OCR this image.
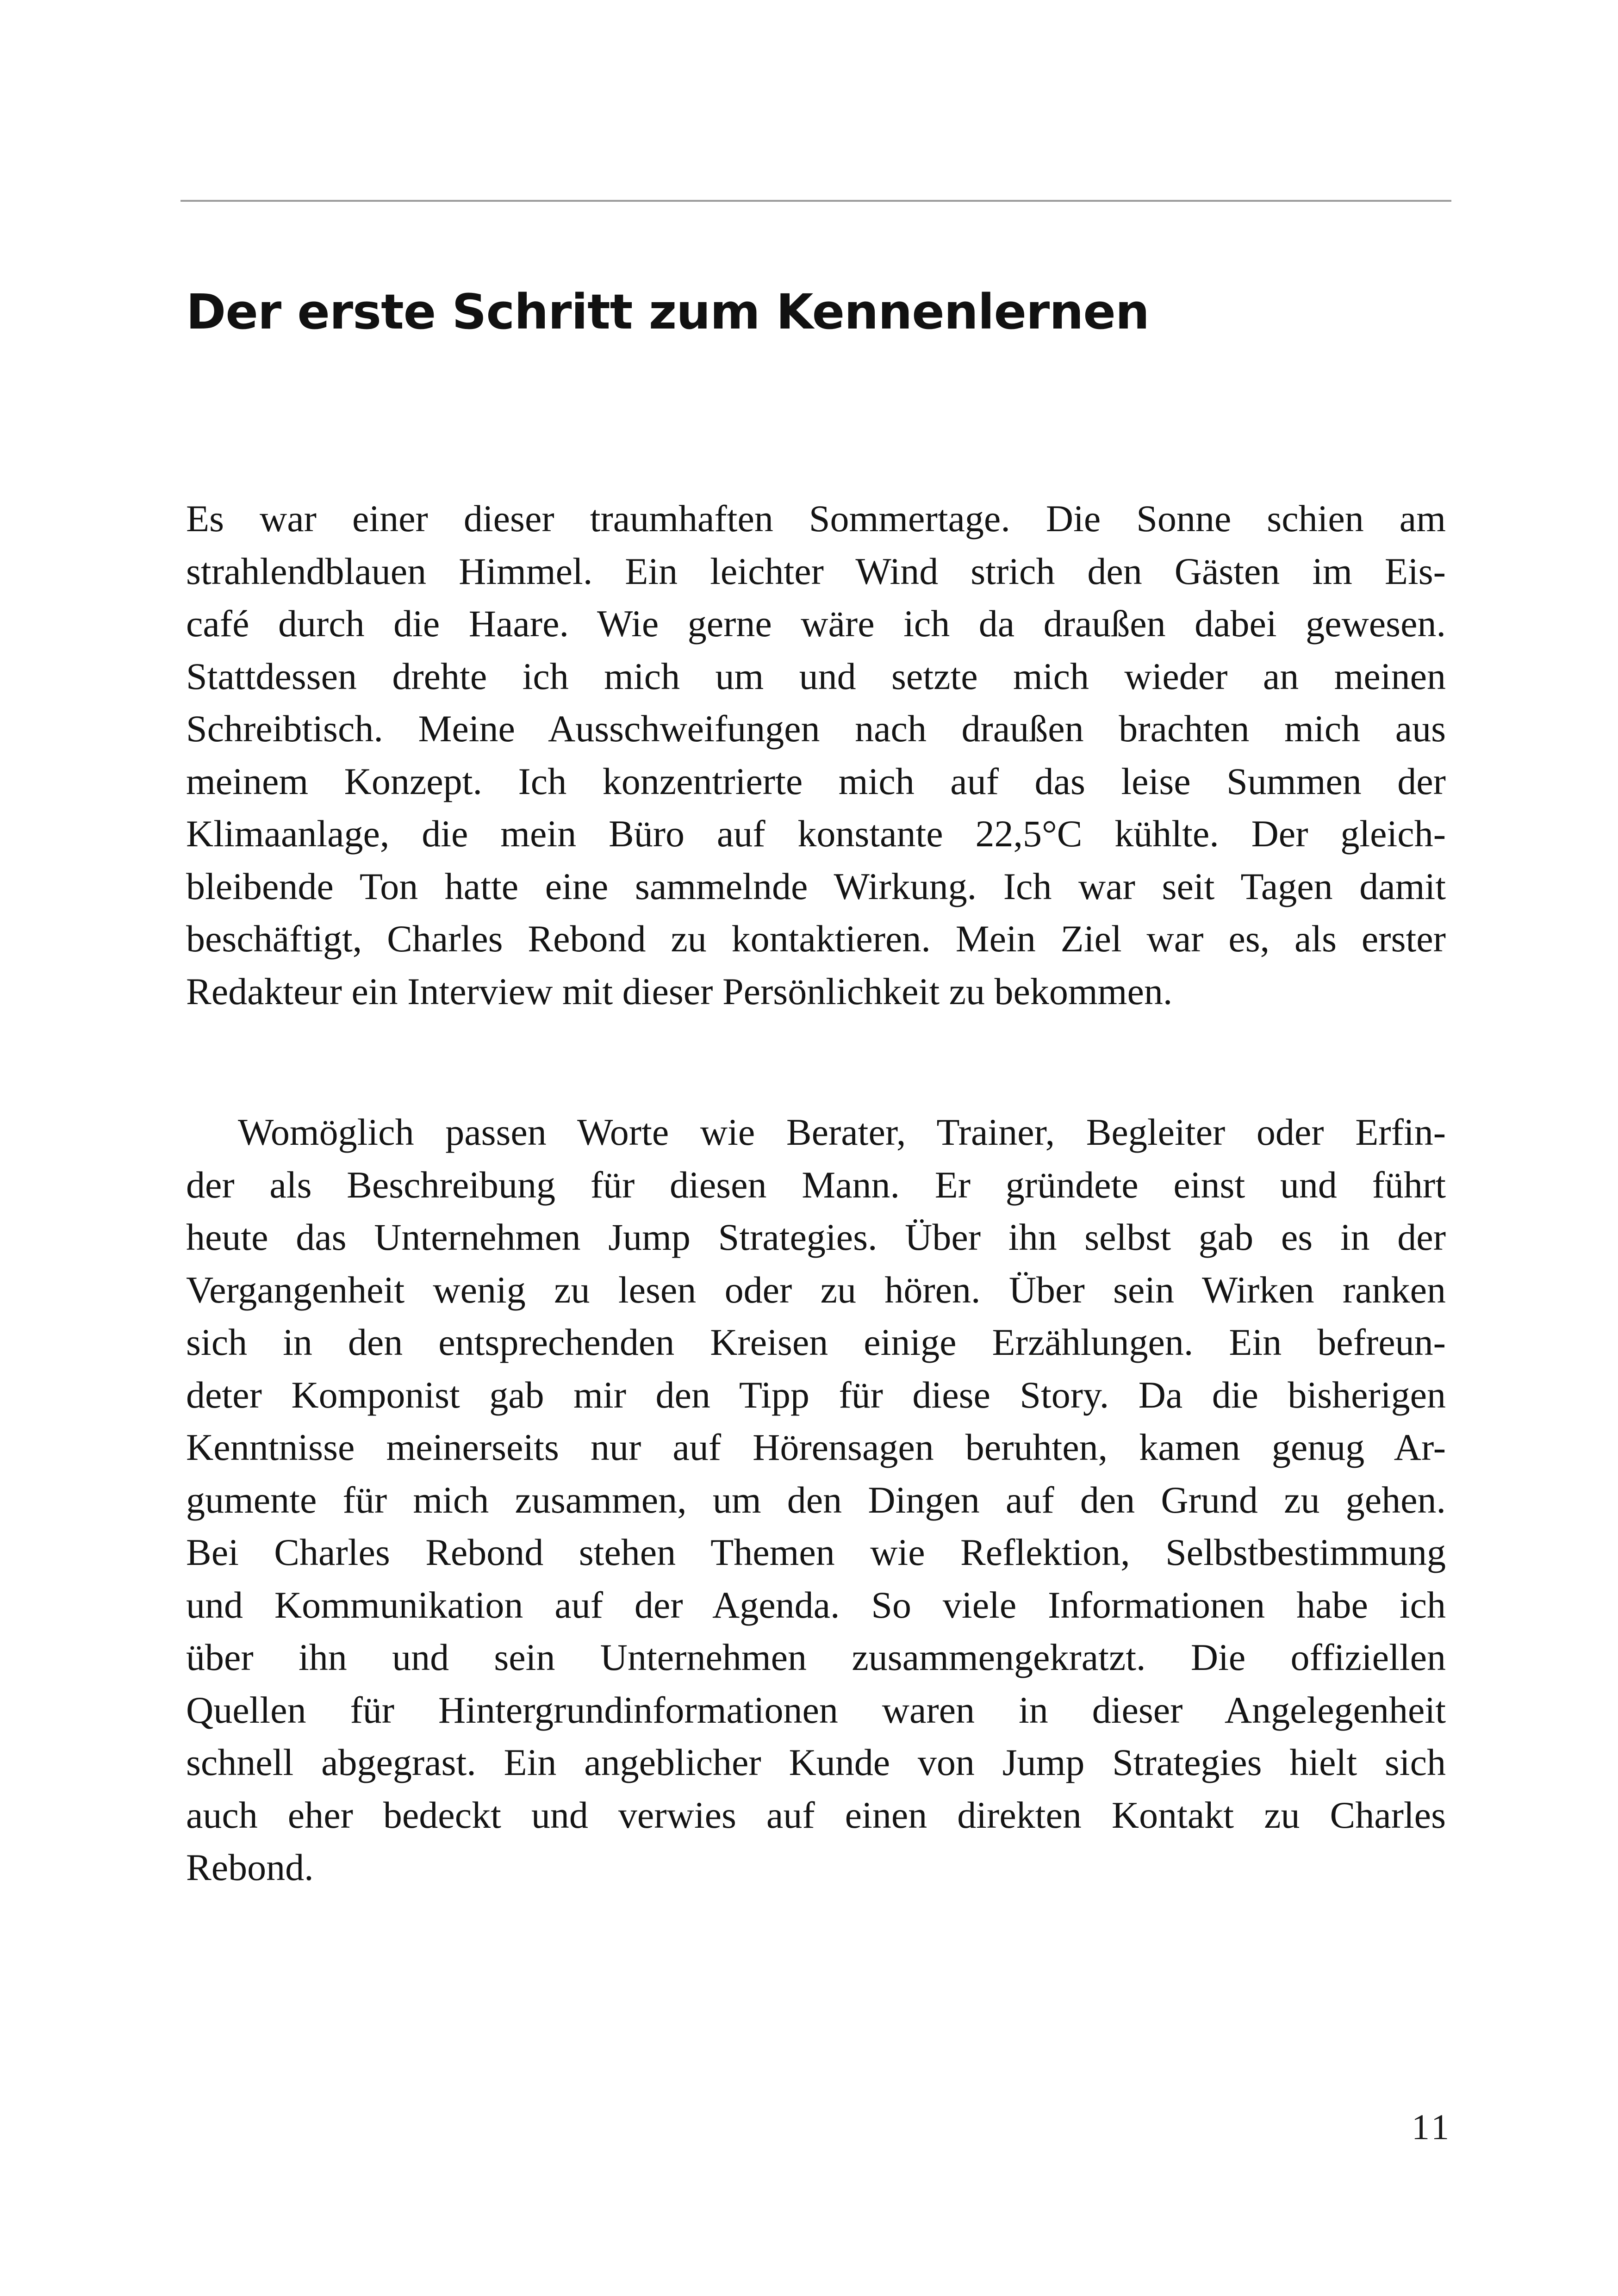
Der erste Schritt zum Kennenlernen

Es war einer dieser traumhaften Sommertage. Die Sonne schien am
strahlendblauen Himmel. Ein leichter Wind strich den Gästen im Eis-
café durch die Haare. Wie gerne wäre ich da draußen dabei gewesen.
Stattdessen drehte ich mich um und setzte mich wieder an meinen
Schreibtisch. Meine Ausschweifungen nach draußen brachten mich aus
meinem Konzept. Ich konzentrierte mich auf das leise Summen der
Klimaanlage, die mein Büro auf konstante 22,5°C kühlte. Der gleich-
bleibende Ton hatte eine sammelnde Wirkung. Ich war seit Tagen damit
beschäftigt, Charles Rebond zu kontaktieren. Mein Ziel war es, als erster
Redakteur ein Interview mit dieser Persönlichkeit zu bekommen.

Womöglich passen Worte wie Berater, Trainer, Begleiter oder Erfin-
der als Beschreibung für diesen Mann. Er gründete einst und führt
heute das Unternehmen Jump Strategies. Über ihn selbst gab es in der
Vergangenheit wenig zu lesen oder zu hören. Über sein Wirken ranken
sich in den entsprechenden Kreisen einige Erzählungen. Ein befreun-
deter Komponist gab mir den Tipp für diese Story. Da die bisherigen
Kenntnisse meinerseits nur auf Hörensagen beruhten, kamen genug Ar-
gumente für mich zusammen, um den Dingen auf den Grund zu gehen.
Bei Charles Rebond stehen Themen wie Reflektion, Selbstbestimmung
und Kommunikation auf der Agenda. So viele Informationen habe ich
über ihn und sein Unternehmen zusammengekratzt. Die offiziellen
Quellen für Hintergrundinformationen waren in dieser Angelegenheit
schnell abgegrast. Ein angeblicher Kunde von Jump Strategies hielt sich
auch eher bedeckt und verwies auf einen direkten Kontakt zu Charles
Rebond.

11
